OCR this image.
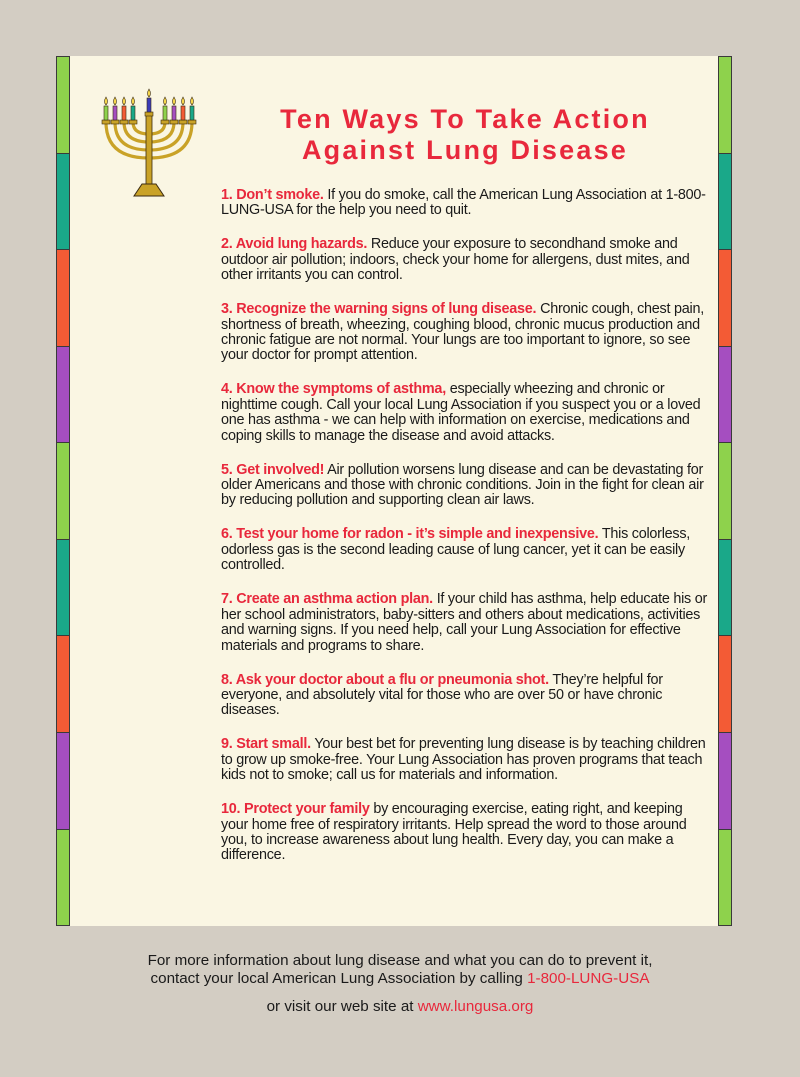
Ten Ways To Take Action
Against Lung Disease
1. Don’t smoke. If you do smoke, call the American Lung Association at 1-800-LUNG-USA for the help you need to quit.
2. Avoid lung hazards. Reduce your exposure to secondhand smoke and outdoor air pollution; indoors, check your home for allergens, dust mites, and other irritants you can control.
3. Recognize the warning signs of lung disease. Chronic cough, chest pain, shortness of breath, wheezing, coughing blood, chronic mucus production and chronic fatigue are not normal. Your lungs are too important to ignore, so see your doctor for prompt attention.
4. Know the symptoms of asthma, especially wheezing and chronic or nighttime cough. Call your local Lung Association if you suspect you or a loved one has asthma - we can help with information on exercise, medications and coping skills to manage the disease and avoid attacks.
5. Get involved! Air pollution worsens lung disease and can be devastating for older Americans and those with chronic conditions. Join in the fight for clean air by reducing pollution and supporting clean air laws.
6. Test your home for radon - it’s simple and inexpensive. This colorless, odorless gas is the second leading cause of lung cancer, yet it can be easily controlled.
7. Create an asthma action plan. If your child has asthma, help educate his or her school administrators, baby-sitters and others about medications, activities and warning signs. If you need help, call your Lung Association for effective materials and programs to share.
8. Ask your doctor about a flu or pneumonia shot. They’re helpful for everyone, and absolutely vital for those who are over 50 or have chronic diseases.
9. Start small. Your best bet for preventing lung disease is by teaching children to grow up smoke-free. Your Lung Association has proven programs that teach kids not to smoke; call us for materials and information.
10. Protect your family by encouraging exercise, eating right, and keeping your home free of respiratory irritants. Help spread the word to those around you, to increase awareness about lung health. Every day, you can make a difference.
For more information about lung disease and what you can do to prevent it,
contact your local American Lung Association by calling 1-800-LUNG-USA
or visit our web site at www.lungusa.org
